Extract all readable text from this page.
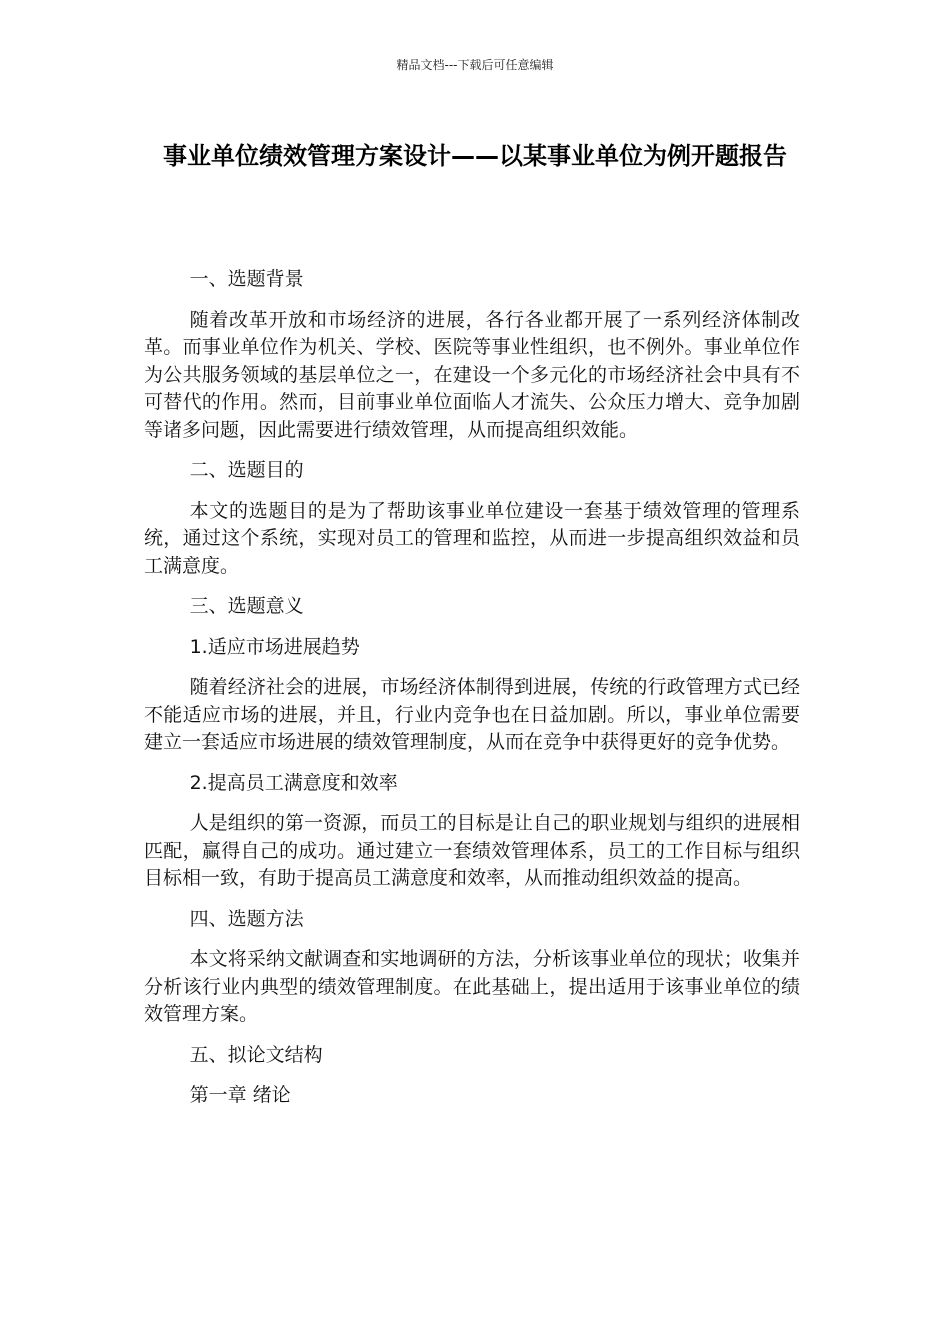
精品文档---下载后可任意编辑
事业单位绩效管理方案设计——以某事业单位为例开题报告

一、选题背景

随着改革开放和市场经济的进展，各行各业都开展了一系列经济体制改革。而事业单位作为机关、学校、医院等事业性组织，也不例外。事业单位作为公共服务领域的基层单位之一，在建设一个多元化的市场经济社会中具有不可替代的作用。然而，目前事业单位面临人才流失、公众压力增大、竞争加剧等诸多问题，因此需要进行绩效管理，从而提高组织效能。

二、选题目的

本文的选题目的是为了帮助该事业单位建设一套基于绩效管理的管理系统，通过这个系统，实现对员工的管理和监控，从而进一步提高组织效益和员工满意度。

三、选题意义

1.适应市场进展趋势

随着经济社会的进展，市场经济体制得到进展，传统的行政管理方式已经不能适应市场的进展，并且，行业内竞争也在日益加剧。所以，事业单位需要建立一套适应市场进展的绩效管理制度，从而在竞争中获得更好的竞争优势。

2.提高员工满意度和效率

人是组织的第一资源，而员工的目标是让自己的职业规划与组织的进展相匹配，赢得自己的成功。通过建立一套绩效管理体系，员工的工作目标与组织目标相一致，有助于提高员工满意度和效率，从而推动组织效益的提高。

四、选题方法

本文将采纳文献调查和实地调研的方法，分析该事业单位的现状；收集并分析该行业内典型的绩效管理制度。在此基础上，提出适用于该事业单位的绩效管理方案。

五、拟论文结构

第一章 绪论
